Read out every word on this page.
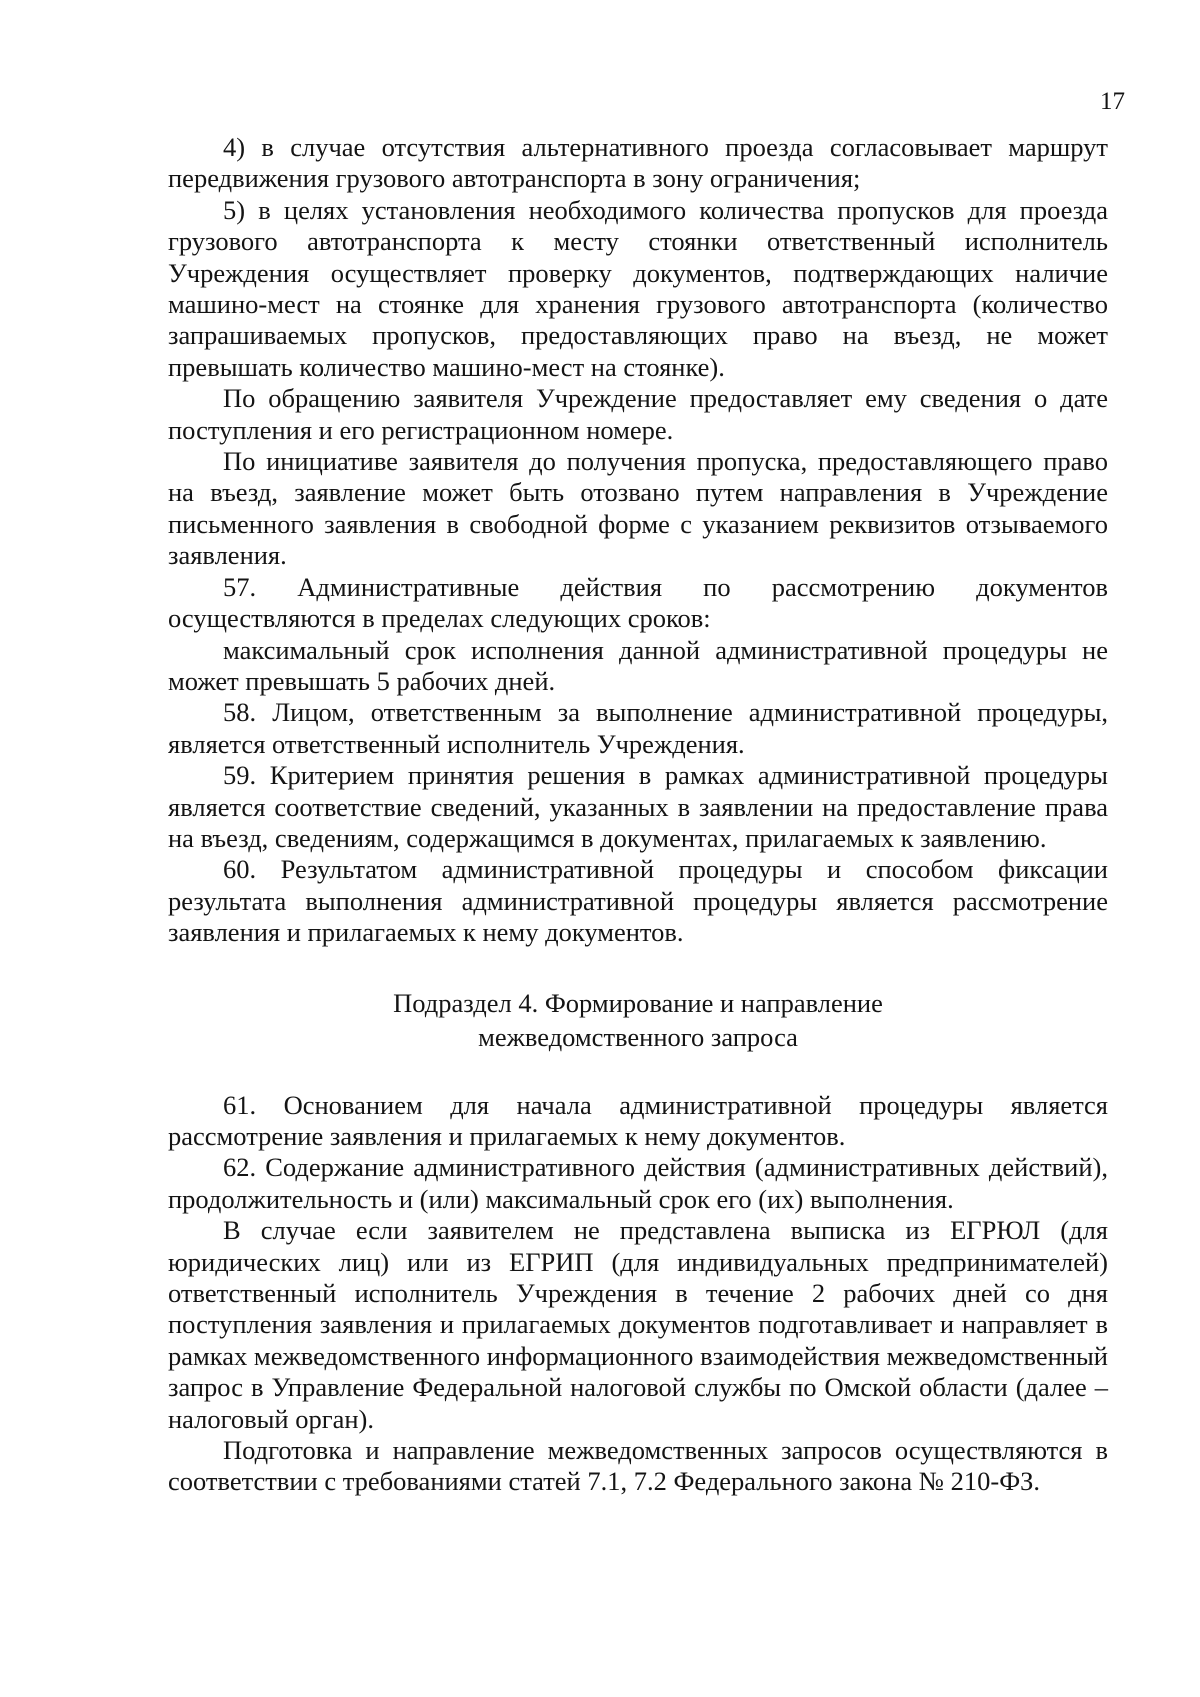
17

4) в случае отсутствия альтернативного проезда согласовывает маршрут передвижения грузового автотранспорта в зону ограничения;

5) в целях установления необходимого количества пропусков для проезда грузового автотранспорта к месту стоянки ответственный исполнитель Учреждения осуществляет проверку документов, подтверждающих наличие машино-мест на стоянке для хранения грузового автотранспорта (количество запрашиваемых пропусков, предоставляющих право на въезд, не может превышать количество машино-мест на стоянке).

По обращению заявителя Учреждение предоставляет ему сведения о дате поступления и его регистрационном номере.

По инициативе заявителя до получения пропуска, предоставляющего право на въезд, заявление может быть отозвано путем направления в Учреждение письменного заявления в свободной форме с указанием реквизитов отзываемого заявления.

57. Административные действия по рассмотрению документов осуществляются в пределах следующих сроков:

максимальный срок исполнения данной административной процедуры не может превышать 5 рабочих дней.

58. Лицом, ответственным за выполнение административной процедуры, является ответственный исполнитель Учреждения.

59. Критерием принятия решения в рамках административной процедуры является соответствие сведений, указанных в заявлении на предоставление права на въезд, сведениям, содержащимся в документах, прилагаемых к заявлению.

60. Результатом административной процедуры и способом фиксации результата выполнения административной процедуры является рассмотрение заявления и прилагаемых к нему документов.

Подраздел 4. Формирование и направление
межведомственного запроса

61. Основанием для начала административной процедуры является рассмотрение заявления и прилагаемых к нему документов.

62. Содержание административного действия (административных действий), продолжительность и (или) максимальный срок его (их) выполнения.

В случае если заявителем не представлена выписка из ЕГРЮЛ (для юридических лиц) или из ЕГРИП (для индивидуальных предпринимателей) ответственный исполнитель Учреждения в течение 2 рабочих дней со дня поступления заявления и прилагаемых документов подготавливает и направляет в рамках межведомственного информационного взаимодействия межведомственный запрос в Управление Федеральной налоговой службы по Омской области (далее – налоговый орган).

Подготовка и направление межведомственных запросов осуществляются в соответствии с требованиями статей 7.1, 7.2 Федерального закона № 210-ФЗ.
